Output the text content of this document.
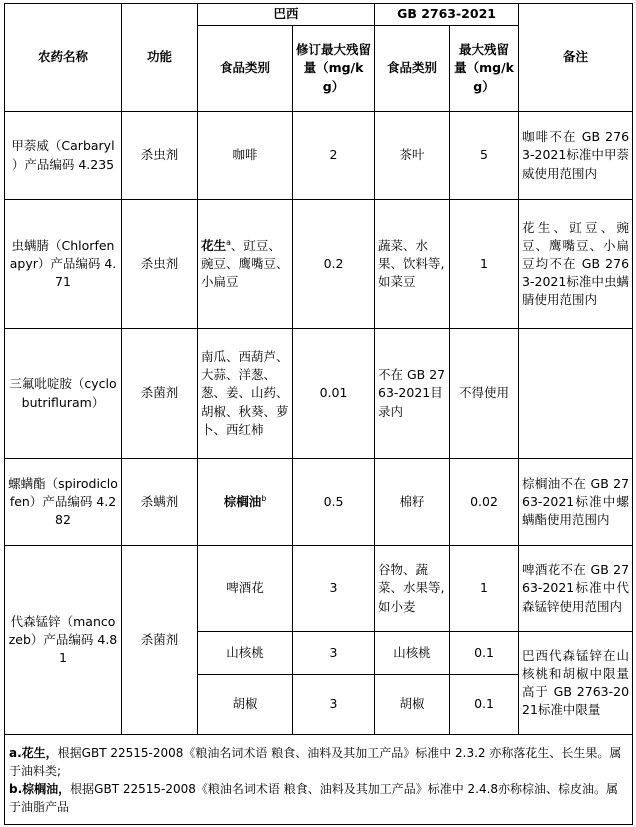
农药名称	功能	巴西		GB 2763-2021		备注
		食品类别	修订最大残留量（mg/kg）	食品类别	最大残留量（mg/kg）	
甲萘威（Carbaryl ）产品编码 4.235	杀虫剂	咖啡	2	茶叶	5	咖啡不在 GB 2763-2021标准中甲萘威使用范围内
虫螨腈（Chlorfenapyr）产品编码 4.71	杀虫剂	花生$^a$、豇豆、豌豆、鹰嘴豆、小扁豆	0.2	蔬菜、水果、饮料等,如菜豆	1	花生、豇豆、豌豆、鹰嘴豆、小扁豆均不在 GB 2763-2021标准中虫螨腈使用范围内
三氟吡啶胺（cyclobutrifluram）	杀菌剂	南瓜、西葫芦、大蒜、洋葱、葱、姜、山药、胡椒、秋葵、萝卜、西红柿	0.01	不在 GB 2763-2021目录内	不得使用	
螺螨酯（spirodiclofen）产品编码 4.282	杀螨剂	棕榈油$^b$	0.5	棉籽	0.02	棕榈油不在 GB 2763-2021标准中螺螨酯使用范围内
代森锰锌（mancozeb）产品编码 4.81	杀菌剂	啤酒花	3	谷物、蔬菜、水果等,如小麦	1	啤酒花不在 GB 2763-2021标准中代森锰锌使用范围内
		山核桃	3	山核桃	0.1	巴西代森锰锌在山核桃和胡椒中限量高于 GB 2763-2021标准中限量
		胡椒	3	胡椒	0.1	

a.花生，根据GBT 22515-2008《粮油名词术语 粮食、油料及其加工产品》标准中 2.3.2 亦称落花生、长生果。属于油料类;
b.棕榈油，根据GBT 22515-2008《粮油名词术语 粮食、油料及其加工产品》标准中 2.4.8亦称棕油、棕皮油。属于油脂产品						
